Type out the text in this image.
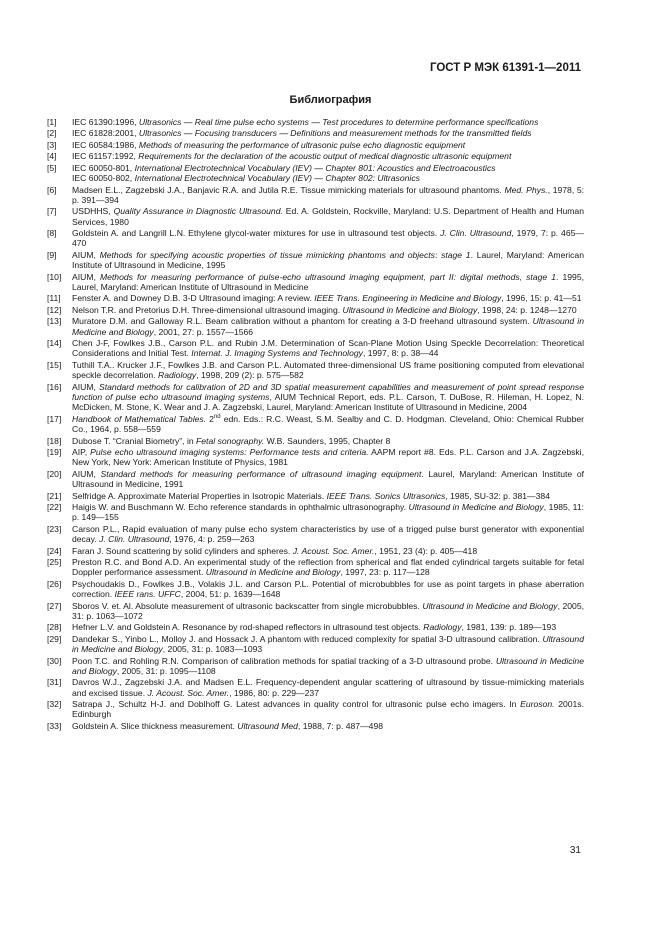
ГОСТ Р МЭК 61391-1—2011
Библиография
[1]	IEC 61390:1996, Ultrasonics — Real time pulse echo systems — Test procedures to determine performance specifications
[2]	IEC 61828:2001, Ultrasonics — Focusing transducers — Definitions and measurement methods for the transmitted fields
[3]	IEC 60584:1986, Methods of measuring the performance of ultrasonic pulse echo diagnostic equipment
[4]	IEC 61157:1992, Requirements for the declaration of the acoustic output of medical diagnostic ultrasonic equipment
[5]	IEC 60050-801, International Electrotechnical Vocabulary (IEV) — Chapter 801: Acoustics and Electroacoustics
IEC 60050-802, International Electrotechnical Vocabulary (IEV) — Chapter 802: Ultrasonics
[6]	Madsen E.L., Zagzebski J.A., Banjavic R.A. and Jutila R.E. Tissue mimicking materials for ultrasound phantoms. Med. Phys., 1978, 5: p. 391—394
[7]	USDHHS, Quality Assurance in Diagnostic Ultrasound. Ed. A. Goldstein, Rockville, Maryland: U.S. Department of Health and Human Services, 1980
[8]	Goldstein A. and Langrill L.N. Ethylene glycol-water mixtures for use in ultrasound test objects. J. Clin. Ultrasound, 1979, 7: p. 465—470
[9]	AIUM, Methods for specifying acoustic properties of tissue mimicking phantoms and objects: stage 1. Laurel, Maryland: American Institute of Ultrasound in Medicine, 1995
[10]	AIUM, Methods for measuring performance of pulse-echo ultrasound imaging equipment, part II: digital methods, stage 1. 1995, Laurel, Maryland: American Institute of Ultrasound in Medicine
[11]	Fenster A. and Downey D.B. 3-D Ultrasound imaging: A review. IEEE Trans. Engineering in Medicine and Biology, 1996, 15: p. 41—51
[12]	Nelson T.R. and Pretorius D.H. Three-dimensional ultrasound imaging. Ultrasound in Medicine and Biology, 1998, 24: p. 1248—1270
[13]	Muratore D.M. and Galloway R.L. Beam calibration without a phantom for creating a 3-D freehand ultrasound system. Ultrasound in Medicine and Biology, 2001, 27: p. 1557—1566
[14]	Chen J-F, Fowlkes J.B., Carson P.L. and Rubin J.M. Determination of Scan-Plane Motion Using Speckle Decorrelation: Theoretical Considerations and Initial Test. Internat. J. Imaging Systems and Technology, 1997, 8: p. 38—44
[15]	Tuthill T.A.. Krucker J.F., Fowlkes J.B. and Carson P.L. Automated three-dimensional US frame positioning computed from elevational speckle decorrelation. Radiology, 1998, 209 (2): p. 575—582
[16]	AIUM, Standard methods for calibration of 2D and 3D spatial measurement capabilities and measurement of point spread response function of pulse echo ultrasound imaging systems, AIUM Technical Report, eds. P.L. Carson, T. DuBose, R. Hileman, H. Lopez, N. McDicken, M. Stone, K. Wear and J. A. Zagzebski, Laurel, Maryland: American Institute of Ultrasound in Medicine, 2004
[17]	Handbook of Mathematical Tables. 2nd edn. Eds.: R.C. Weast, S.M. Sealby and C. D. Hodgman. Cleveland, Ohio: Chemical Rubber Co., 1964, p. 558—559
[18]	Dubose T. “Cranial Biometry”, in Fetal sonography. W.B. Saunders, 1995, Chapter 8
[19]	AIP, Pulse echo ultrasound imaging systems: Performance tests and criteria. AAPM report #8. Eds. P.L. Carson and J.A. Zagzebski, New York, New York: American Institute of Physics, 1981
[20]	AIUM, Standard methods for measuring performance of ultrasound imaging equipment. Laurel, Maryland: American Institute of Ultrasound in Medicine, 1991
[21]	Selfridge A. Approximate Material Properties in Isotropic Materials. IEEE Trans. Sonics Ultrasonics, 1985, SU-32: p. 381—384
[22]	Haigis W. and Buschmann W. Echo reference standards in ophthalmic ultrasonography. Ultrasound in Medicine and Biology, 1985, 11: p. 149—155
[23]	Carson P.L., Rapid evaluation of many pulse echo system characteristics by use of a trigged pulse burst generator with exponential decay. J. Clin. Ultrasound, 1976, 4: p. 259—263
[24]	Faran J. Sound scattering by solid cylinders and spheres. J. Acoust. Soc. Amer., 1951, 23 (4): p. 405—418
[25]	Preston R.C. and Bond A.D. An experimental study of the reflection from spherical and flat ended cylindrical targets suitable for fetal Doppler performance assessment. Ultrasound in Medicine and Biology, 1997, 23: p. 117—128
[26]	Psychoudakis D., Fowlkes J.B., Volakis J.L. and Carson P.L. Potential of microbubbles for use as point targets in phase aberration correction. IEEE rans. UFFC, 2004, 51: p. 1639—1648
[27]	Sboros V. et. Al. Absolute measurement of ultrasonic backscatter from single microbubbles. Ultrasound in Medicine and Biology, 2005, 31: p. 1063—1072
[28]	Hefner L.V. and Goldstein A. Resonance by rod-shaped reflectors in ultrasound test objects. Radiology, 1981, 139: p. 189—193
[29]	Dandekar S., Yinbo L., Molloy J. and Hossack J. A phantom with reduced complexity for spatial 3-D ultrasound calibration. Ultrasound in Medicine and Biology, 2005, 31: p. 1083—1093
[30]	Poon T.C. and Rohling R.N. Comparison of calibration methods for spatial tracking of a 3-D ultrasound probe. Ultrasound in Medicine and Biology, 2005, 31: p. 1095—1108
[31]	Davros W.J., Zagzebski J.A. and Madsen E.L. Frequency-dependent angular scattering of ultrasound by tissue-mimicking materials and excised tissue. J. Acoust. Soc. Amer., 1986, 80: p. 229—237
[32]	Satrapa J., Schultz H-J. and Doblhoff G. Latest advances in quality control for ultrasonic pulse echo imagers. In Euroson. 2001s. Edinburgh
[33]	Goldstein A. Slice thickness measurement. Ultrasound Med, 1988, 7: p. 487—498
31
